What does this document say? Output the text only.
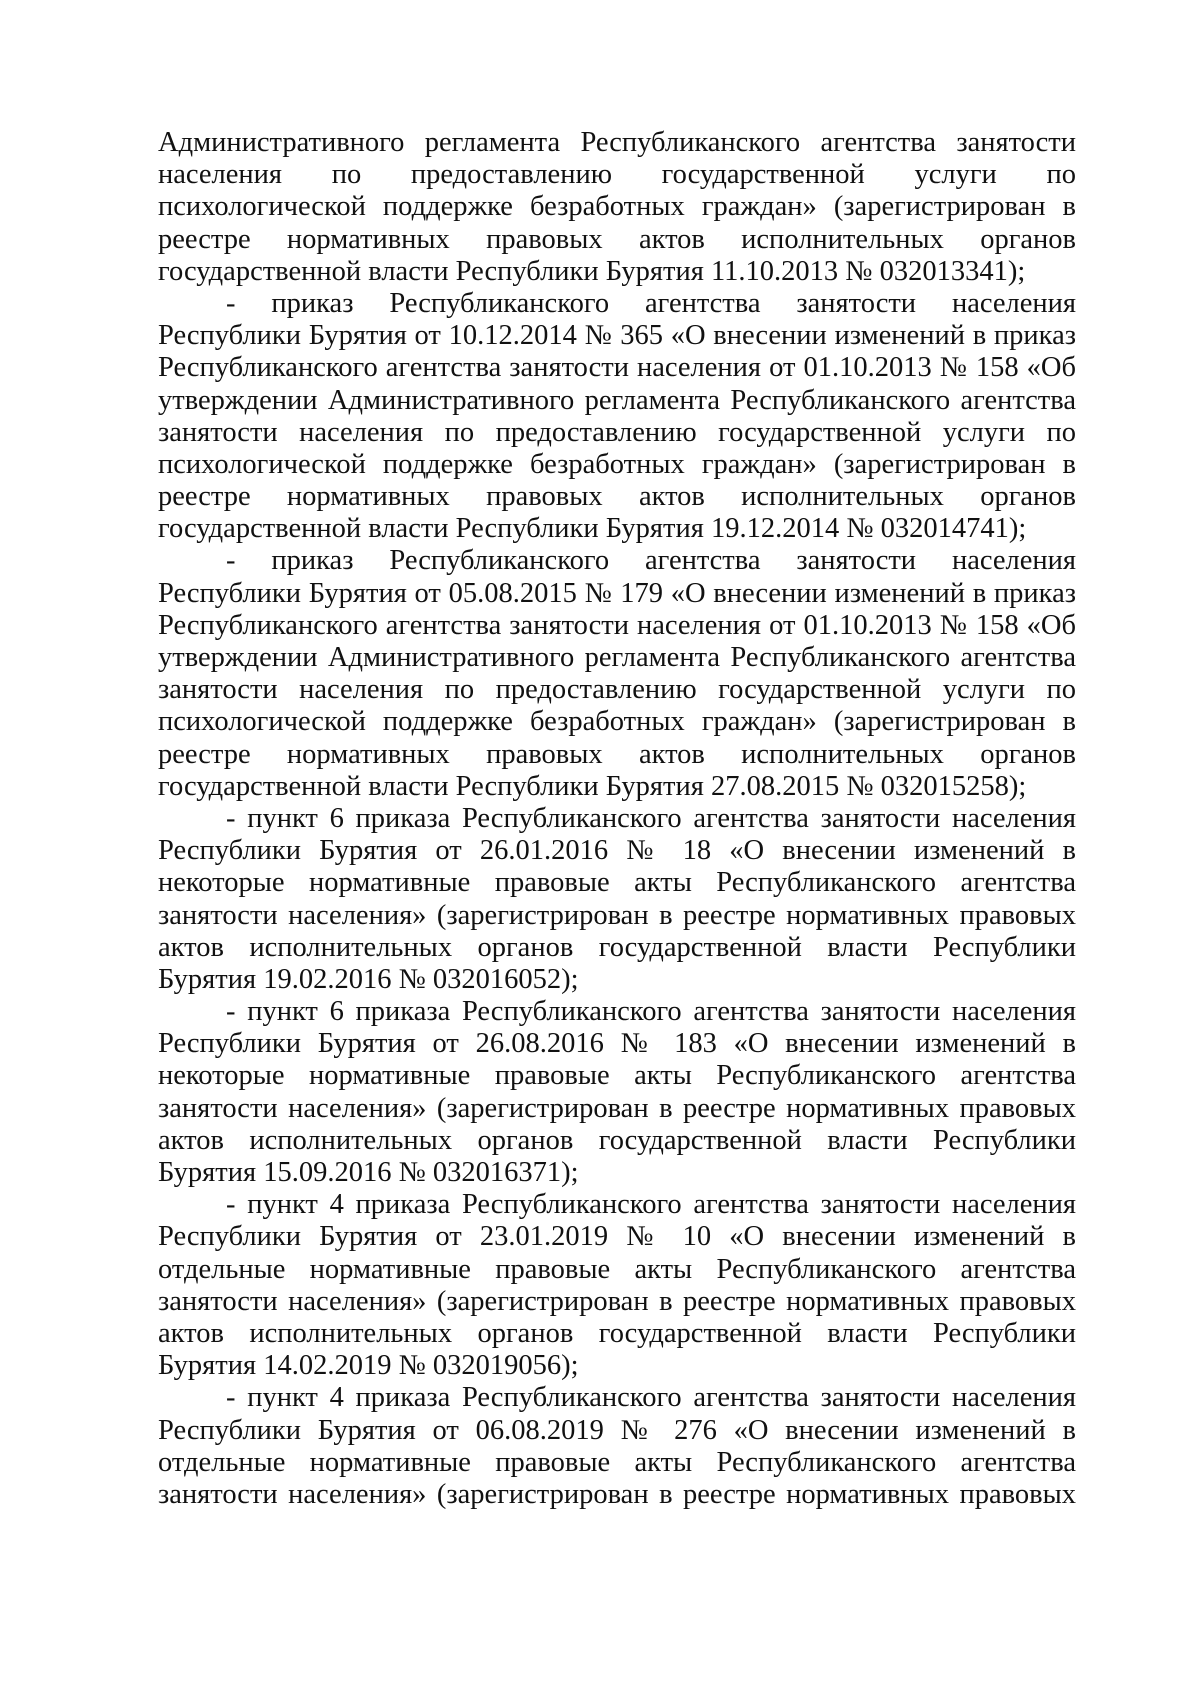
Административного регламента Республиканского агентства занятости
населения по предоставлению государственной услуги по
психологической поддержке безработных граждан» (зарегистрирован в
реестре нормативных правовых актов исполнительных органов
государственной власти Республики Бурятия 11.10.2013 № 032013341);
- приказ Республиканского агентства занятости населения
Республики Бурятия от 10.12.2014 № 365 «О внесении изменений в приказ
Республиканского агентства занятости населения от 01.10.2013 № 158 «Об
утверждении Административного регламента Республиканского агентства
занятости населения по предоставлению государственной услуги по
психологической поддержке безработных граждан» (зарегистрирован в
реестре нормативных правовых актов исполнительных органов
государственной власти Республики Бурятия 19.12.2014 № 032014741);
- приказ Республиканского агентства занятости населения
Республики Бурятия от 05.08.2015 № 179 «О внесении изменений в приказ
Республиканского агентства занятости населения от 01.10.2013 № 158 «Об
утверждении Административного регламента Республиканского агентства
занятости населения по предоставлению государственной услуги по
психологической поддержке безработных граждан» (зарегистрирован в
реестре нормативных правовых актов исполнительных органов
государственной власти Республики Бурятия 27.08.2015 № 032015258);
- пункт 6 приказа Республиканского агентства занятости населения
Республики Бурятия от 26.01.2016 № 18 «О внесении изменений в
некоторые нормативные правовые акты Республиканского агентства
занятости населения» (зарегистрирован в реестре нормативных правовых
актов исполнительных органов государственной власти Республики
Бурятия 19.02.2016 № 032016052);
- пункт 6 приказа Республиканского агентства занятости населения
Республики Бурятия от 26.08.2016 № 183 «О внесении изменений в
некоторые нормативные правовые акты Республиканского агентства
занятости населения» (зарегистрирован в реестре нормативных правовых
актов исполнительных органов государственной власти Республики
Бурятия 15.09.2016 № 032016371);
- пункт 4 приказа Республиканского агентства занятости населения
Республики Бурятия от 23.01.2019 № 10 «О внесении изменений в
отдельные нормативные правовые акты Республиканского агентства
занятости населения» (зарегистрирован в реестре нормативных правовых
актов исполнительных органов государственной власти Республики
Бурятия 14.02.2019 № 032019056);
- пункт 4 приказа Республиканского агентства занятости населения
Республики Бурятия от 06.08.2019 № 276 «О внесении изменений в
отдельные нормативные правовые акты Республиканского агентства
занятости населения» (зарегистрирован в реестре нормативных правовых
